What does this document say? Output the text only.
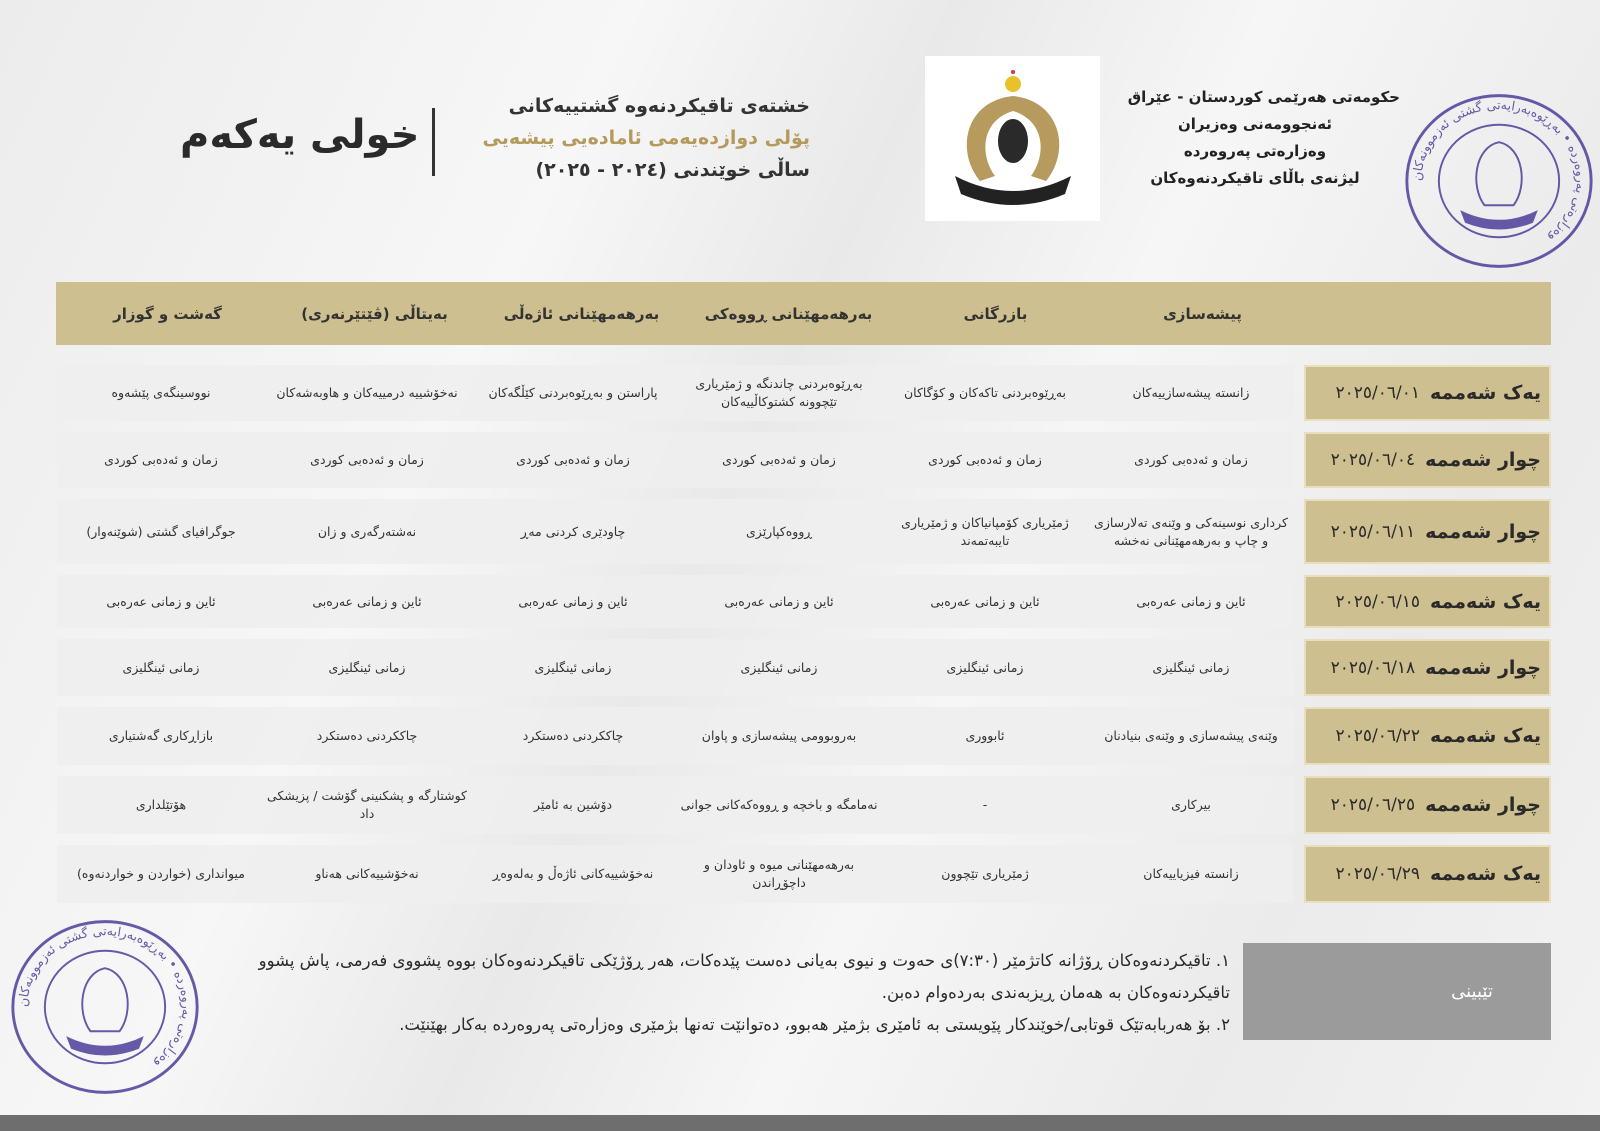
خشتەی تاقیکردنەوە گشتییەکانی
پۆلی دوازدەیەمی ئامادەیی پیشەیی
ساڵی خوێندنی (٢٠٢٤ - ٢٠٢٥)
خولی یەکەم
حکومەتی هەرێمی کوردستان - عێراق
ئەنجوومەنی وەزیران
وەزارەتی پەروەردە
لیژنەی باڵای تاقیکردنەوەکان
پیشەسازی
بازرگانی
بەرهەمهێنانی ڕووەکی
بەرهەمهێنانی ئاژەڵی
بەیتاڵی (ڤێتێرنەری)
گەشت و گوزار
یەک شەممە
٢٠٢٥/٠٦/٠١
زانستە پیشەسازییەکان
بەڕێوەبردنی تاکەکان و کۆگاکان
بەڕێوەبردنی چاندنگە و ژمێریاری تێچوونە کشتوکاڵییەکان
پاراستن و بەڕێوەبردنی کێڵگەکان
نەخۆشییە درمییەکان و هاوبەشەکان
نووسینگەی پێشەوە
چوار شەممە
٢٠٢٥/٠٦/٠٤
زمان و ئەدەبی کوردی
زمان و ئەدەبی کوردی
زمان و ئەدەبی کوردی
زمان و ئەدەبی کوردی
زمان و ئەدەبی کوردی
زمان و ئەدەبی کوردی
چوار شەممە
٢٠٢٥/٠٦/١١
کرداری نوسینەکی و وێنەی تەلارسازی و چاپ و بەرهەمهێنانی نەخشە
ژمێریاری کۆمپانیاکان و ژمێریاری تایبەتمەند
ڕووەکپارێزی
چاودێری کردنی مەڕ
نەشتەرگەری و زان
جوگرافیای گشتی (شوێنەوار)
یەک شەممە
٢٠٢٥/٠٦/١٥
ئاین و زمانی عەرەبی
ئاین و زمانی عەرەبی
ئاین و زمانی عەرەبی
ئاین و زمانی عەرەبی
ئاین و زمانی عەرەبی
ئاین و زمانی عەرەبی
چوار شەممە
٢٠٢٥/٠٦/١٨
زمانی ئینگلیزی
زمانی ئینگلیزی
زمانی ئینگلیزی
زمانی ئینگلیزی
زمانی ئینگلیزی
زمانی ئینگلیزی
یەک شەممە
٢٠٢٥/٠٦/٢٢
وێنەی پیشەسازی و وێنەی بنیادنان
ئابووری
بەروبوومی پیشەسازی و پاوان
چاککردنی دەستکرد
چاککردنی دەستکرد
بازاڕکاری گەشتیاری
چوار شەممە
٢٠٢٥/٠٦/٢٥
بیرکاری
-
نەمامگە و باخچە و ڕووەکەکانی جوانی
دۆشین بە ئامێر
کوشتارگە و پشکنینی گۆشت / پزیشکی داد
هۆتێلداری
یەک شەممە
٢٠٢٥/٠٦/٢٩
زانستە فیزیاییەکان
ژمێریاری تێچوون
بەرهەمهێنانی میوە و ئاودان و داچۆڕاندن
نەخۆشییەکانی ئاژەڵ و بەلەوەڕ
نەخۆشییەکانی هەناو
میوانداری (خواردن و خواردنەوە)
تێبینی
١. تاقیکردنەوەکان ڕۆژانە کاتژمێر (٧:٣٠)ی حەوت و نیوی بەیانی دەست پێدەکات، هەر ڕۆژێکی تاقیکردنەوەکان بووە پشووی فەرمی، پاش پشوو تاقیکردنەوەکان بە هەمان ڕیزبەندی بەردەوام دەبن.
٢. بۆ هەربابەتێک قوتابی/خوێندکار پێویستی بە ئامێری بژمێر هەبوو، دەتوانێت تەنها بژمێری وەزارەتی پەروەردە بەکار بهێنێت.
وەزارەتی پەروەردە • بەڕێوەبەرایەتی گشتی ئەزموونەکان
وەزارەتی پەروەردە • بەڕێوەبەرایەتی گشتی ئەزموونەکان
